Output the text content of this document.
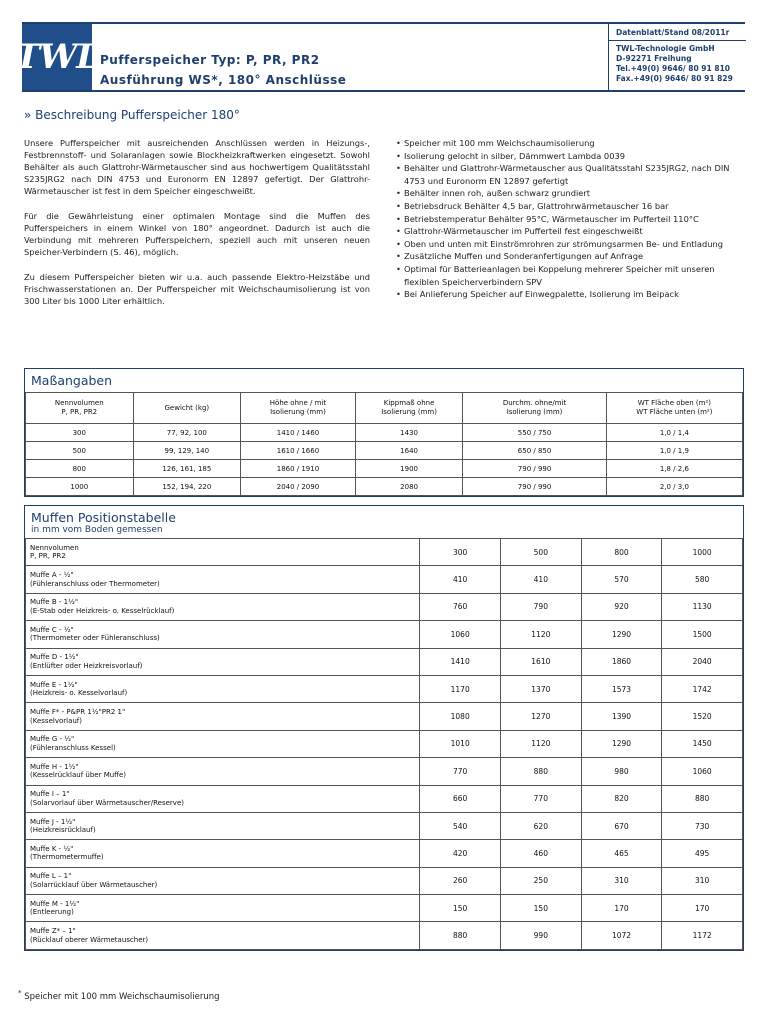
TWL Pufferspeicher Typ: P, PR, PR2
Ausführung WS*, 180° Anschlüsse
Datenblatt/Stand 08/2011r
TWL-Technologie GmbH
D-92271 Freihung
Tel.+49(0) 9646/ 80 91 810
Fax.+49(0) 9646/ 80 91 829
» Beschreibung Pufferspeicher 180°

Unsere Pufferspeicher mit ausreichenden Anschlüssen werden in Heizungs-, Festbrennstoff- und Solaranlagen sowie Blockheizkraftwerken eingesetzt. Sowohl Behälter als auch Glattrohr-Wärmetauscher sind aus hochwertigem Qualitätsstahl S235JRG2 nach DIN 4753 und Euronorm EN 12897 gefertigt. Der Glattrohr-Wärmetauscher ist fest in dem Speicher eingeschweißt.

Für die Gewährleistung einer optimalen Montage sind die Muffen des Pufferspeichers in einem Winkel von 180° angeordnet. Dadurch ist auch die Verbindung mit mehreren Pufferspeichern, speziell auch mit unseren neuen Speicher-Verbindern (S. 46), möglich.

Zu diesem Pufferspeicher bieten wir u.a. auch passende Elektro-Heizstäbe und Frischwasserstationen an. Der Pufferspeicher mit Weichschaumisolierung ist von 300 Liter bis 1000 Liter erhältlich.

• Speicher mit 100 mm Weichschaumisolierung
• Isolierung gelocht in silber, Dämmwert Lambda 0039
• Behälter und Glattrohr-Wärmetauscher aus Qualitätsstahl S235JRG2, nach DIN 4753 und Euronorm EN 12897 gefertigt
• Behälter innen roh, außen schwarz grundiert
• Betriebsdruck Behälter 4,5 bar, Glattrohrwärmetauscher 16 bar
• Betriebstemperatur Behälter 95°C, Wärmetauscher im Pufferteil 110°C
• Glattrohr-Wärmetauscher im Pufferteil fest eingeschweißt
• Oben und unten mit Einströmrohren zur strömungsarmen Be- und Entladung
• Zusätzliche Muffen und Sonderanfertigungen auf Anfrage
• Optimal für Batterieanlagen bei Koppelung mehrerer Speicher mit unseren flexiblen Speicherverbindern SPV
• Bei Anlieferung Speicher auf Einwegpalette, Isolierung im Beipack
Maßangaben
Nennvolumen
P, PR, PR2	Gewicht (kg)	Höhe ohne / mit
Isolierung (mm)	Kippmaß ohne
Isolierung (mm)	Durchm. ohne/mit
Isolierung (mm)	WT Fläche oben (m²)
WT Fläche unten (m²)
300	77, 92, 100	1410 / 1460	1430	550 / 750	1,0 / 1,4
500	99, 129, 140	1610 / 1660	1640	650 / 850	1,0 / 1,9
800	126, 161, 185	1860 / 1910	1900	790 / 990	1,8 / 2,6
1000	152, 194, 220	2040 / 2090	2080	790 / 990	2,0 / 3,0
Muffen Positionstabelle
in mm vom Boden gemessen
Nennvolumen
P, PR, PR2	300	500	800	1000
Muffe A - ½"
(Fühleranschluss oder Thermometer)	410	410	570	580
Muffe B - 1½"
(E-Stab oder Heizkreis- o. Kesselrücklauf)	760	790	920	1130
Muffe C - ½"
(Thermometer oder Fühleranschluss)	1060	1120	1290	1500
Muffe D - 1½"
(Entlüfter oder Heizkreisvorlauf)	1410	1610	1860	2040
Muffe E - 1½"
(Heizkreis- o. Kesselvorlauf)	1170	1370	1573	1742
Muffe F* - P&PR 1½"PR2 1"
(Kesselvorlauf)	1080	1270	1390	1520
Muffe G - ½"
(Fühleranschluss Kessel)	1010	1120	1290	1450
Muffe H - 1½"
(Kesselrücklauf über Muffe)	770	880	980	1060
Muffe I – 1"
(Solarvorlauf über Wärmetauscher/Reserve)	660	770	820	880
Muffe J - 1½"
(Heizkreisrücklauf)	540	620	670	730
Muffe K - ½"
(Thermometermuffe)	420	460	465	495
Muffe L – 1"
(Solarrücklauf über Wärmetauscher)	260	250	310	310
Muffe M - 1½"
(Entleerung)	150	150	170	170
Muffe Z* – 1"
(Rücklauf oberer Wärmetauscher)	880	990	1072	1172
* Speicher mit 100 mm Weichschaumisolierung
